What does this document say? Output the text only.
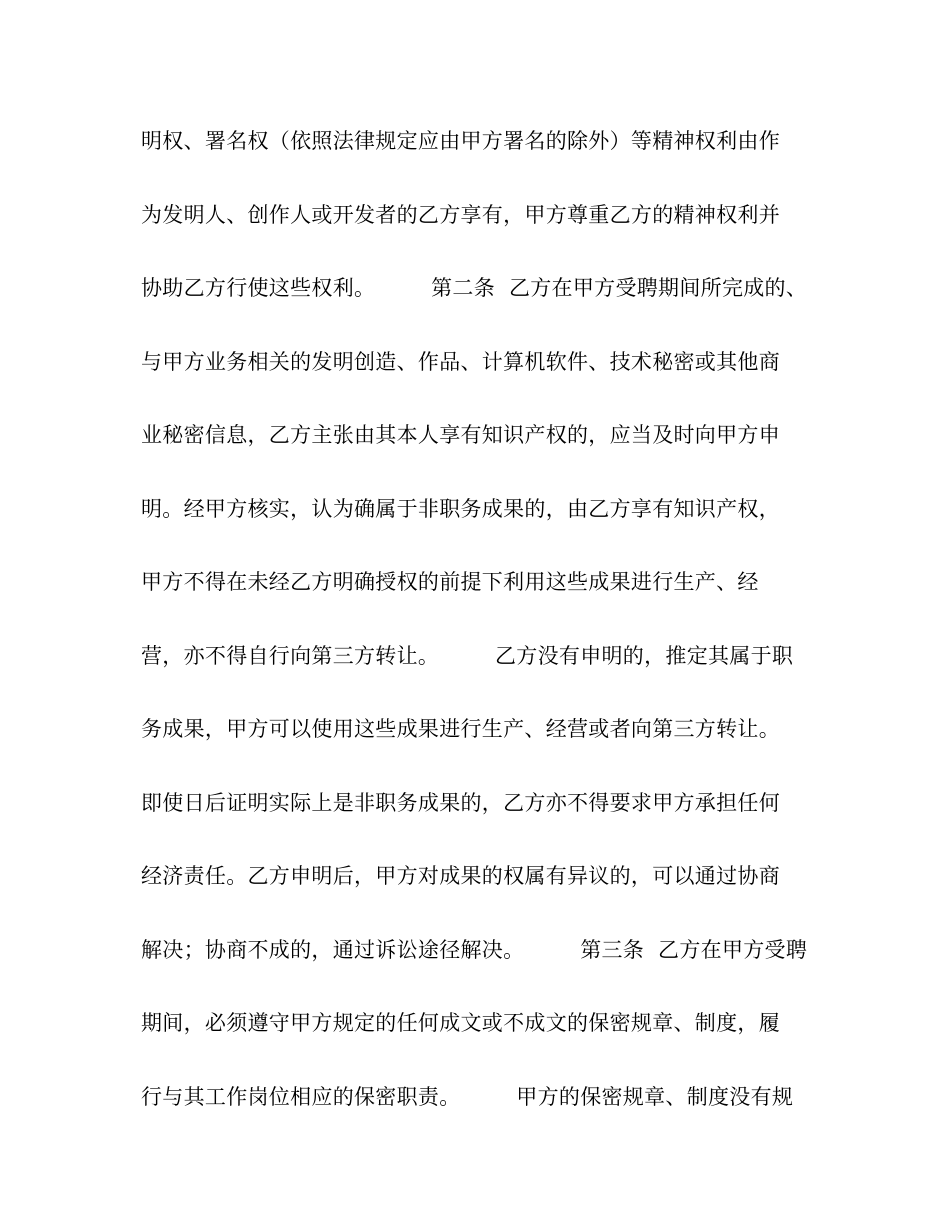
明权、署名权（依照法律规定应由甲方署名的除外）等精神权利由作
为发明人、创作人或开发者的乙方享有，甲方尊重乙方的精神权利并
协助乙方行使这些权利。        第二条  乙方在甲方受聘期间所完成的、
与甲方业务相关的发明创造、作品、计算机软件、技术秘密或其他商
业秘密信息，乙方主张由其本人享有知识产权的，应当及时向甲方申
明。经甲方核实，认为确属于非职务成果的，由乙方享有知识产权，
甲方不得在未经乙方明确授权的前提下利用这些成果进行生产、经
营，亦不得自行向第三方转让。        乙方没有申明的，推定其属于职
务成果，甲方可以使用这些成果进行生产、经营或者向第三方转让。
即使日后证明实际上是非职务成果的，乙方亦不得要求甲方承担任何
经济责任。乙方申明后，甲方对成果的权属有异议的，可以通过协商
解决；协商不成的，通过诉讼途径解决。        第三条  乙方在甲方受聘
期间，必须遵守甲方规定的任何成文或不成文的保密规章、制度，履
行与其工作岗位相应的保密职责。        甲方的保密规章、制度没有规
